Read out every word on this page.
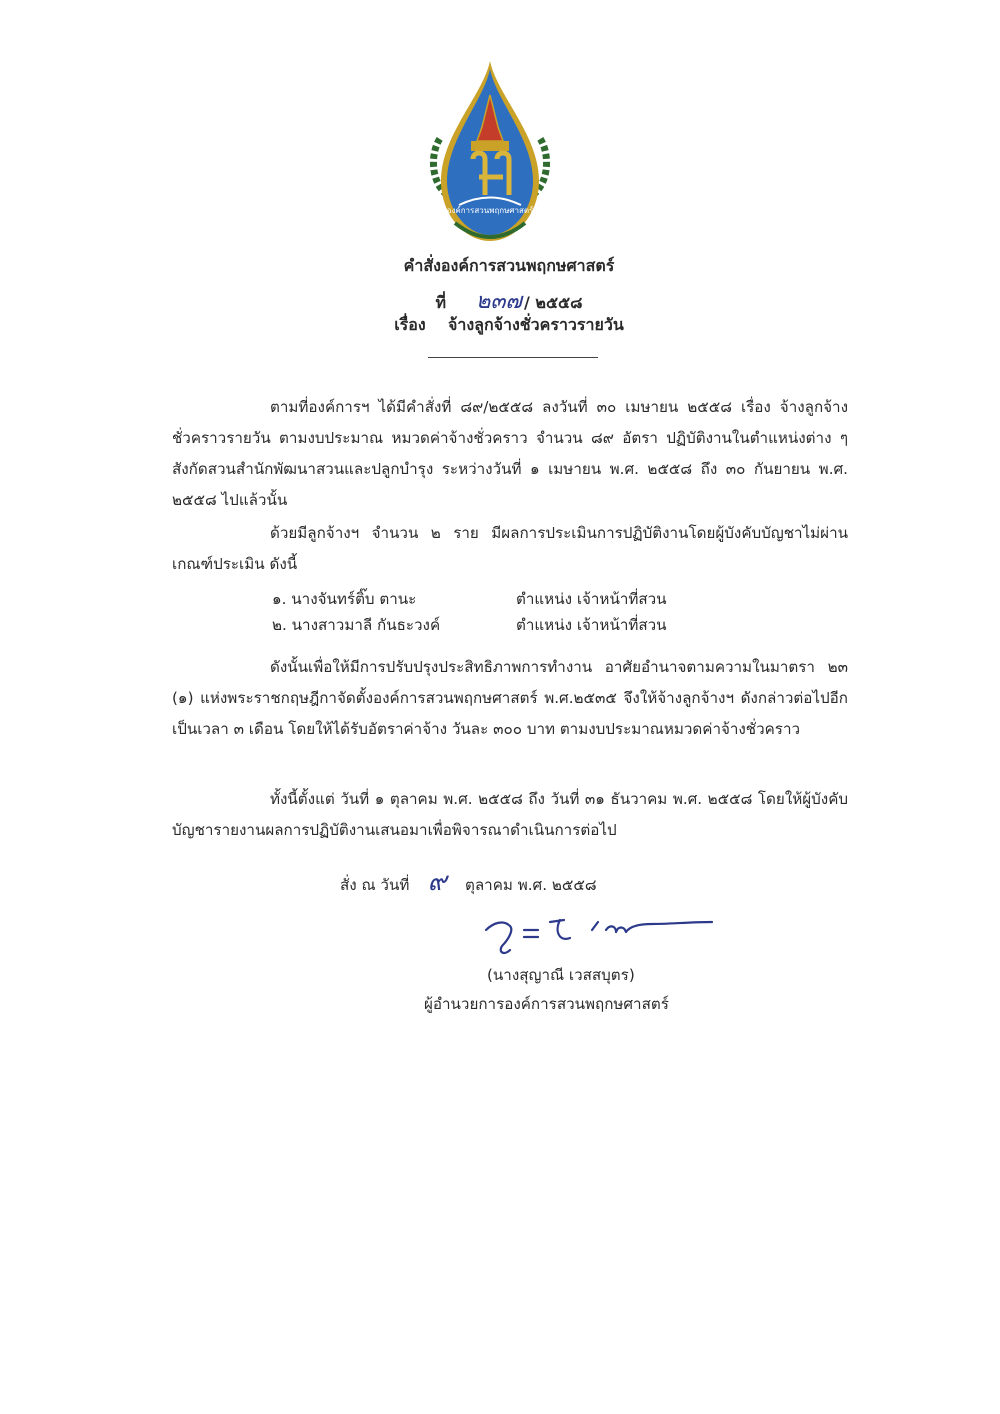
องค์การสวนพฤกษศาสตร์
คำสั่งองค์การสวนพฤกษศาสตร์
ที่ ๒๓๗ / ๒๕๕๘
เรื่อง จ้างลูกจ้างชั่วคราวรายวัน
ตามที่องค์การฯ ได้มีคำสั่งที่ ๘๙/๒๕๕๘ ลงวันที่ ๓๐ เมษายน ๒๕๕๘ เรื่อง จ้างลูกจ้างชั่วคราวรายวัน ตามงบประมาณ หมวดค่าจ้างชั่วคราว จำนวน ๘๙ อัตรา ปฏิบัติงานในตำแหน่งต่าง ๆ สังกัดสวนสำนักพัฒนาสวนและปลูกบำรุง ระหว่างวันที่ ๑ เมษายน พ.ศ. ๒๕๕๘ ถึง ๓๐ กันยายน พ.ศ. ๒๕๕๘ ไปแล้วนั้น
ด้วยมีลูกจ้างฯ จำนวน ๒ ราย มีผลการประเมินการปฏิบัติงานโดยผู้บังคับบัญชาไม่ผ่านเกณฑ์ประเมิน ดังนี้
๑. นางจันทร์ติ๊บ ตานะ	ตำแหน่ง เจ้าหน้าที่สวน
๒. นางสาวมาลี กันธะวงค์	ตำแหน่ง เจ้าหน้าที่สวน
ดังนั้นเพื่อให้มีการปรับปรุงประสิทธิภาพการทำงาน อาศัยอำนาจตามความในมาตรา ๒๓ (๑) แห่งพระราชกฤษฎีกาจัดตั้งองค์การสวนพฤกษศาสตร์ พ.ศ.๒๕๓๕ จึงให้จ้างลูกจ้างฯ ดังกล่าวต่อไปอีก เป็นเวลา ๓ เดือน โดยให้ได้รับอัตราค่าจ้าง วันละ ๓๐๐ บาท ตามงบประมาณหมวดค่าจ้างชั่วคราว
ทั้งนี้ตั้งแต่ วันที่ ๑ ตุลาคม พ.ศ. ๒๕๕๘ ถึง วันที่ ๓๑ ธันวาคม พ.ศ. ๒๕๕๘ โดยให้ผู้บังคับบัญชารายงานผลการปฏิบัติงานเสนอมาเพื่อพิจารณาดำเนินการต่อไป
สั่ง ณ วันที่ ๙ ตุลาคม พ.ศ. ๒๕๕๘
(นางสุญาณี เวสสบุตร)
ผู้อำนวยการองค์การสวนพฤกษศาสตร์
